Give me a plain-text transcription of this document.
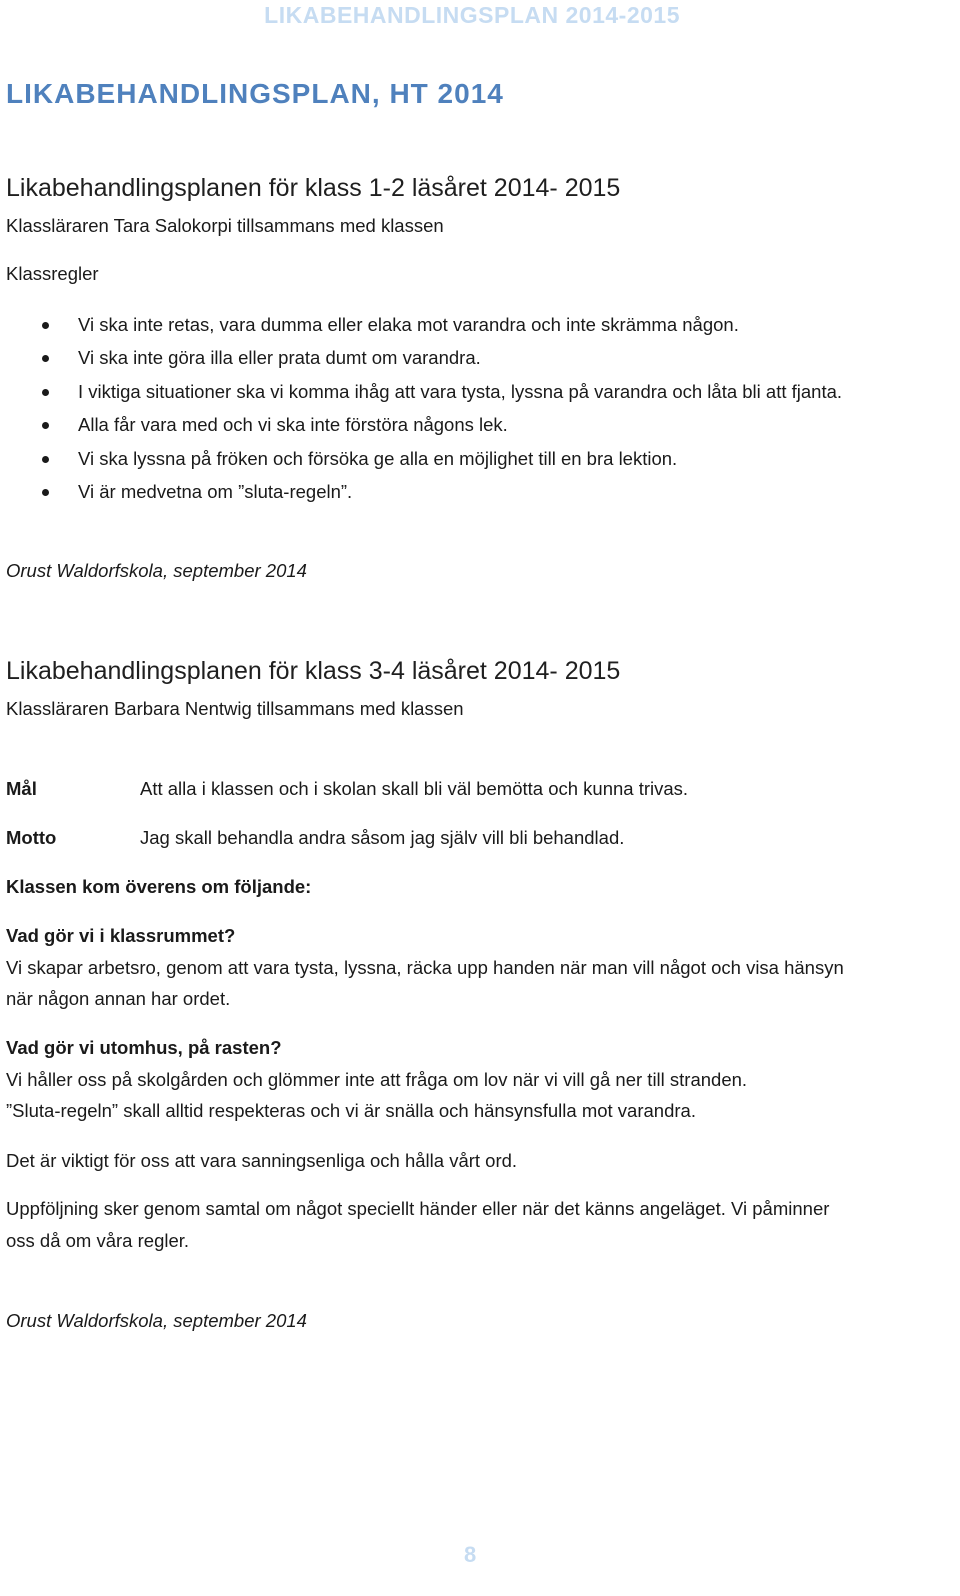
LIKABEHANDLINGSPLAN 2014-2015
LIKABEHANDLINGSPLAN, HT 2014
Likabehandlingsplanen för klass 1-2 läsåret 2014- 2015
Klassläraren Tara Salokorpi tillsammans med klassen
Klassregler
Vi ska inte retas, vara dumma eller elaka mot varandra och inte skrämma någon.
Vi ska inte göra illa eller prata dumt om varandra.
I viktiga situationer ska vi komma ihåg att vara tysta, lyssna på varandra och låta bli att fjanta.
Alla får vara med och vi ska inte förstöra någons lek.
Vi ska lyssna på fröken och försöka ge alla en möjlighet till en bra lektion.
Vi är medvetna om ”sluta-regeln”.
Orust Waldorfskola, september 2014
Likabehandlingsplanen för klass 3-4 läsåret 2014- 2015
Klassläraren Barbara Nentwig tillsammans med klassen
Mål	Att alla i klassen och i skolan skall bli väl bemötta och kunna trivas.
Motto	Jag skall behandla andra såsom jag själv vill bli behandlad.
Klassen kom överens om följande:
Vad gör vi i klassrummet?
Vi skapar arbetsro, genom att vara tysta, lyssna, räcka upp handen när man vill något och visa hänsyn
när någon annan har ordet.
Vad gör vi utomhus, på rasten?
Vi håller oss på skolgården och glömmer inte att fråga om lov när vi vill gå ner till stranden.
”Sluta-regeln” skall alltid respekteras och vi är snälla och hänsynsfulla mot varandra.
Det är viktigt för oss att vara sanningsenliga och hålla vårt ord.
Uppföljning sker genom samtal om något speciellt händer eller när det känns angeläget. Vi påminner
oss då om våra regler.
Orust Waldorfskola, september 2014
8
